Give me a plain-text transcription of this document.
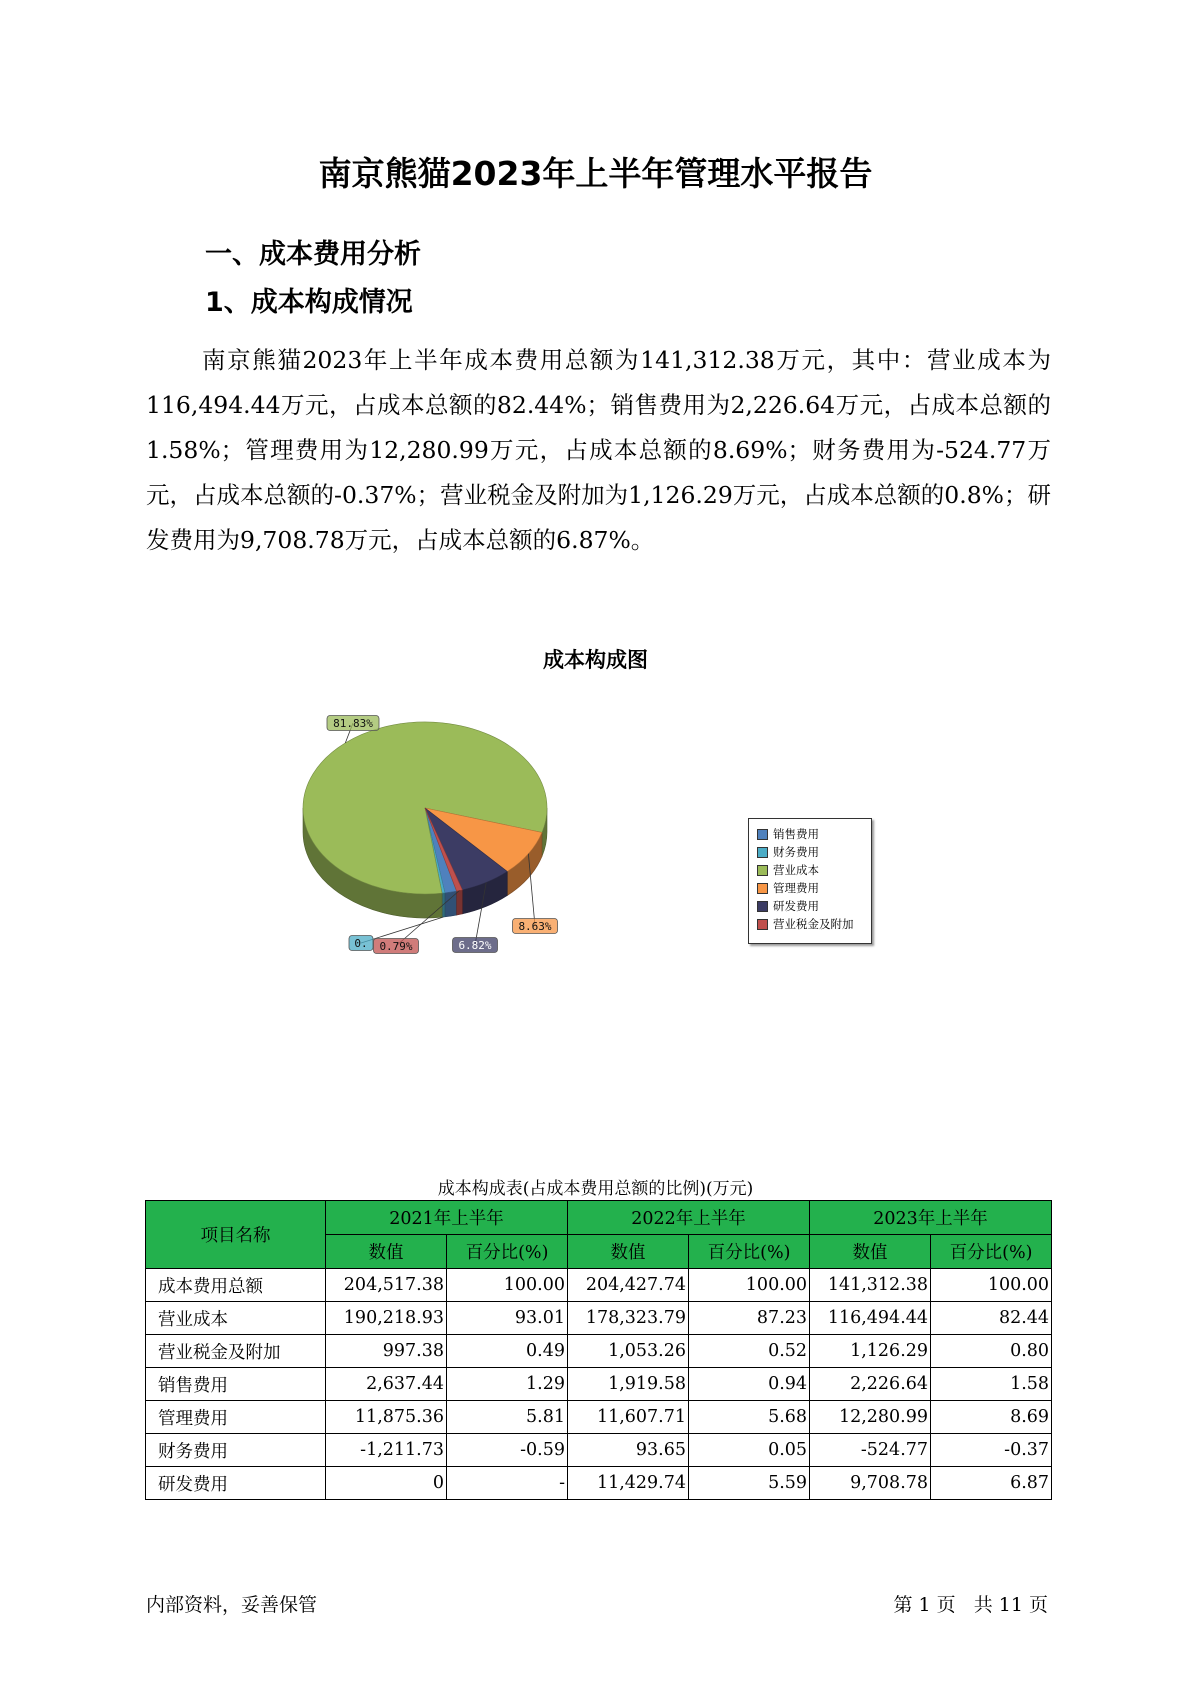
南京熊猫2023年上半年管理水平报告
一、成本费用分析
1、成本构成情况

南京熊猫2023年上半年成本费用总额为141,312.38万元，其中：营业成本为116,494.44万元，占成本总额的82.44%；销售费用为2,226.64万元，占成本总额的1.58%；管理费用为12,280.99万元，占成本总额的8.69%；财务费用为-524.77万元，占成本总额的-0.37%；营业税金及附加为1,126.29万元，占成本总额的0.8%；研发费用为9,708.78万元，占成本总额的6.87%。

成本构成图
0.
81.83%
8.63%
6.82%
0.79%
销售费用
财务费用
营业成本
管理费用
研发费用
营业税金及附加
成本构成表(占成本费用总额的比例)(万元)
项目名称	2021年上半年		2022年上半年		2023年上半年	
	数值	百分比(%)	数值	百分比(%)	数值	百分比(%)
成本费用总额	204,517.38	100.00	204,427.74	100.00	141,312.38	100.00
营业成本	190,218.93	93.01	178,323.79	87.23	116,494.44	82.44
营业税金及附加	997.38	0.49	1,053.26	0.52	1,126.29	0.80
销售费用	2,637.44	1.29	1,919.58	0.94	2,226.64	1.58
管理费用	11,875.36	5.81	11,607.71	5.68	12,280.99	8.69
财务费用	-1,211.73	-0.59	93.65	0.05	-524.77	-0.37
研发费用	0	-	11,429.74	5.59	9,708.78	6.87
内部资料，妥善保管	第 1 页   共 11 页
